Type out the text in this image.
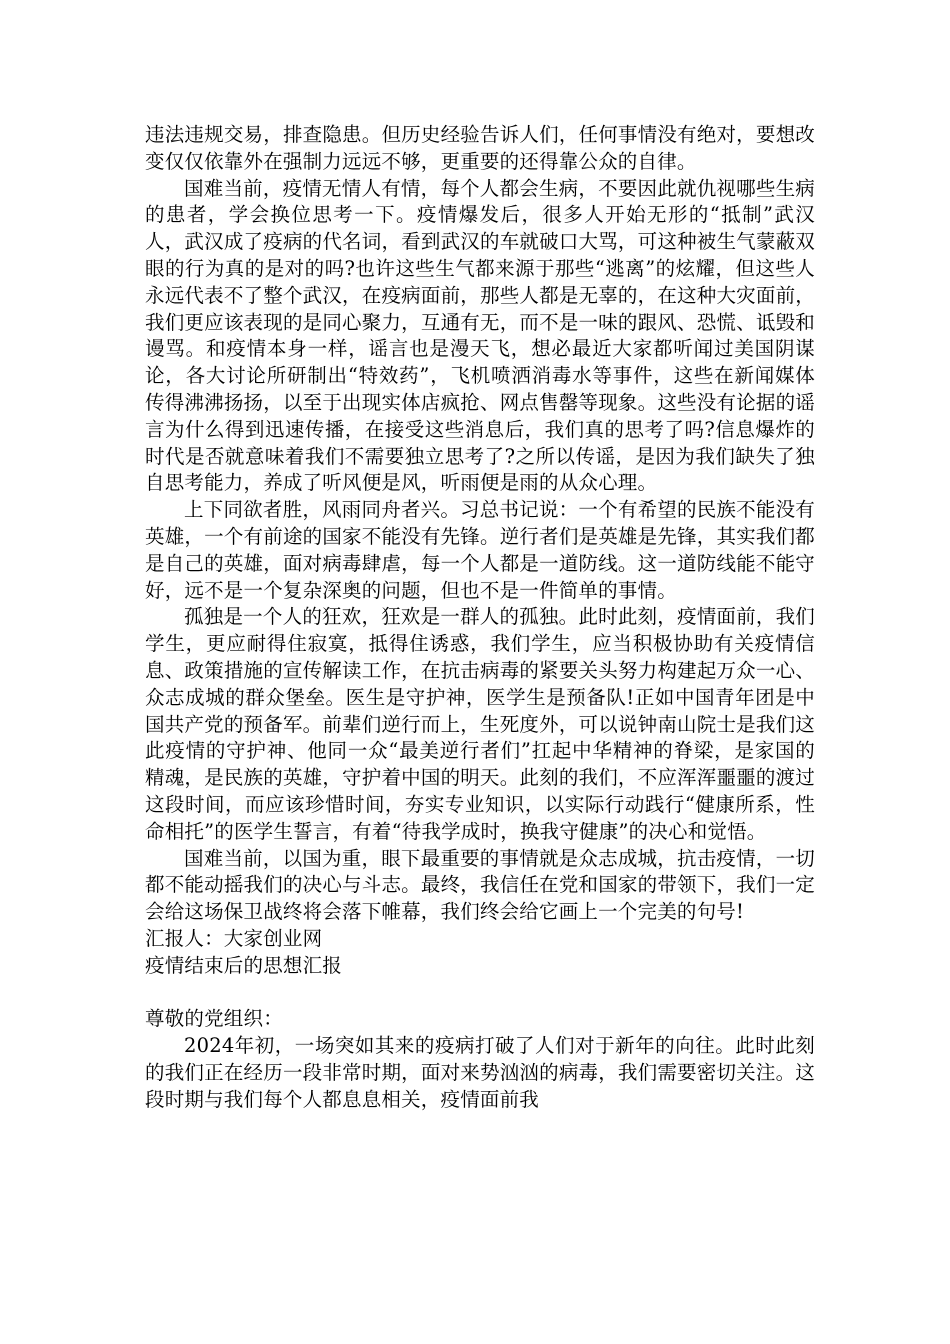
违法违规交易，排查隐患。但历史经验告诉人们，任何事情没有绝对，要想改变仅仅依靠外在强制力远远不够，更重要的还得靠公众的自律。

国难当前，疫情无情人有情，每个人都会生病，不要因此就仇视哪些生病的患者，学会换位思考一下。疫情爆发后，很多人开始无形的“抵制”武汉人，武汉成了疫病的代名词，看到武汉的车就破口大骂，可这种被生气蒙蔽双眼的行为真的是对的吗?也许这些生气都来源于那些“逃离”的炫耀，但这些人永远代表不了整个武汉，在疫病面前，那些人都是无辜的，在这种大灾面前，我们更应该表现的是同心聚力，互通有无，而不是一味的跟风、恐慌、诋毁和谩骂。和疫情本身一样，谣言也是漫天飞，想必最近大家都听闻过美国阴谋论，各大讨论所研制出“特效药”，飞机喷洒消毒水等事件，这些在新闻媒体传得沸沸扬扬，以至于出现实体店疯抢、网点售罄等现象。这些没有论据的谣言为什么得到迅速传播，在接受这些消息后，我们真的思考了吗?信息爆炸的时代是否就意味着我们不需要独立思考了?之所以传谣，是因为我们缺失了独自思考能力，养成了听风便是风，听雨便是雨的从众心理。

上下同欲者胜，风雨同舟者兴。习总书记说：一个有希望的民族不能没有英雄，一个有前途的国家不能没有先锋。逆行者们是英雄是先锋，其实我们都是自己的英雄，面对病毒肆虐，每一个人都是一道防线。这一道防线能不能守好，远不是一个复杂深奥的问题，但也不是一件简单的事情。

孤独是一个人的狂欢，狂欢是一群人的孤独。此时此刻，疫情面前，我们学生，更应耐得住寂寞，抵得住诱惑，我们学生，应当积极协助有关疫情信息、政策措施的宣传解读工作，在抗击病毒的紧要关头努力构建起万众一心、众志成城的群众堡垒。医生是守护神，医学生是预备队!正如中国青年团是中国共产党的预备军。前辈们逆行而上，生死度外，可以说钟南山院士是我们这此疫情的守护神、他同一众“最美逆行者们”扛起中华精神的脊梁，是家国的精魂，是民族的英雄，守护着中国的明天。此刻的我们，不应浑浑噩噩的渡过这段时间，而应该珍惜时间，夯实专业知识，以实际行动践行“健康所系，性命相托”的医学生誓言，有着“待我学成时，换我守健康”的决心和觉悟。

国难当前，以国为重，眼下最重要的事情就是众志成城，抗击疫情，一切都不能动摇我们的决心与斗志。最终，我信任在党和国家的带领下，我们一定会给这场保卫战终将会落下帷幕，我们终会给它画上一个完美的句号!

汇报人：大家创业网

疫情结束后的思想汇报

尊敬的党组织：

2024年初，一场突如其来的疫病打破了人们对于新年的向往。此时此刻的我们正在经历一段非常时期，面对来势汹汹的病毒，我们需要密切关注。这段时期与我们每个人都息息相关，疫情面前我
